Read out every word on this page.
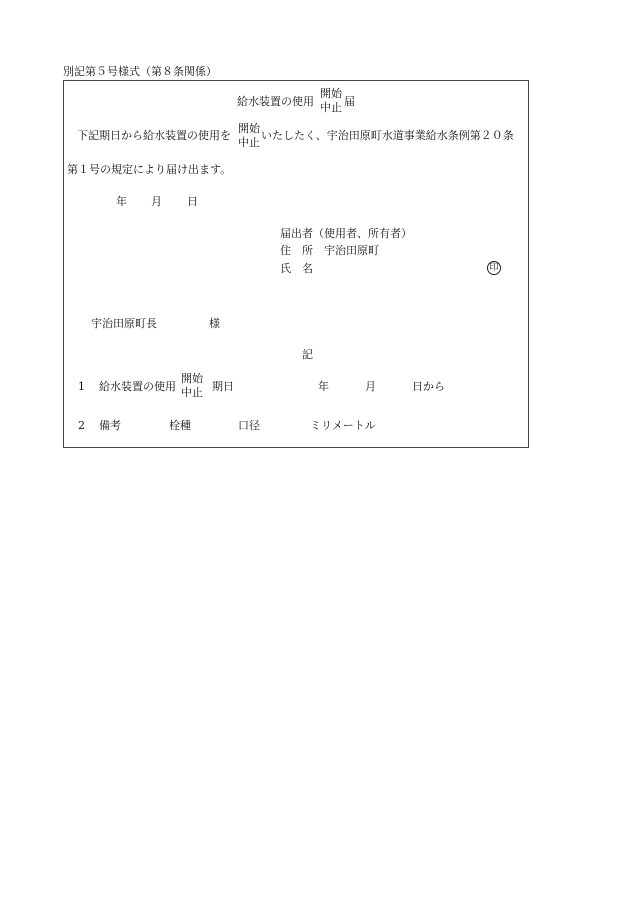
別記第５号様式（第８条関係）
給水装置の使用
開始
中止 届
下記期日から給水装置の使用を
開始
中止
いたしたく、宇治田原町水道事業給水条例第２０条
第１号の規定により届け出ます。
年 月 日
届出者（使用者、所有者）
住　所 宇治田原町
氏　名	印
宇治田原町長	様
記
1 給水装置の使用
開始
中止 期日	年	月	日から
2 備考	栓種	口径	ミリメートル
